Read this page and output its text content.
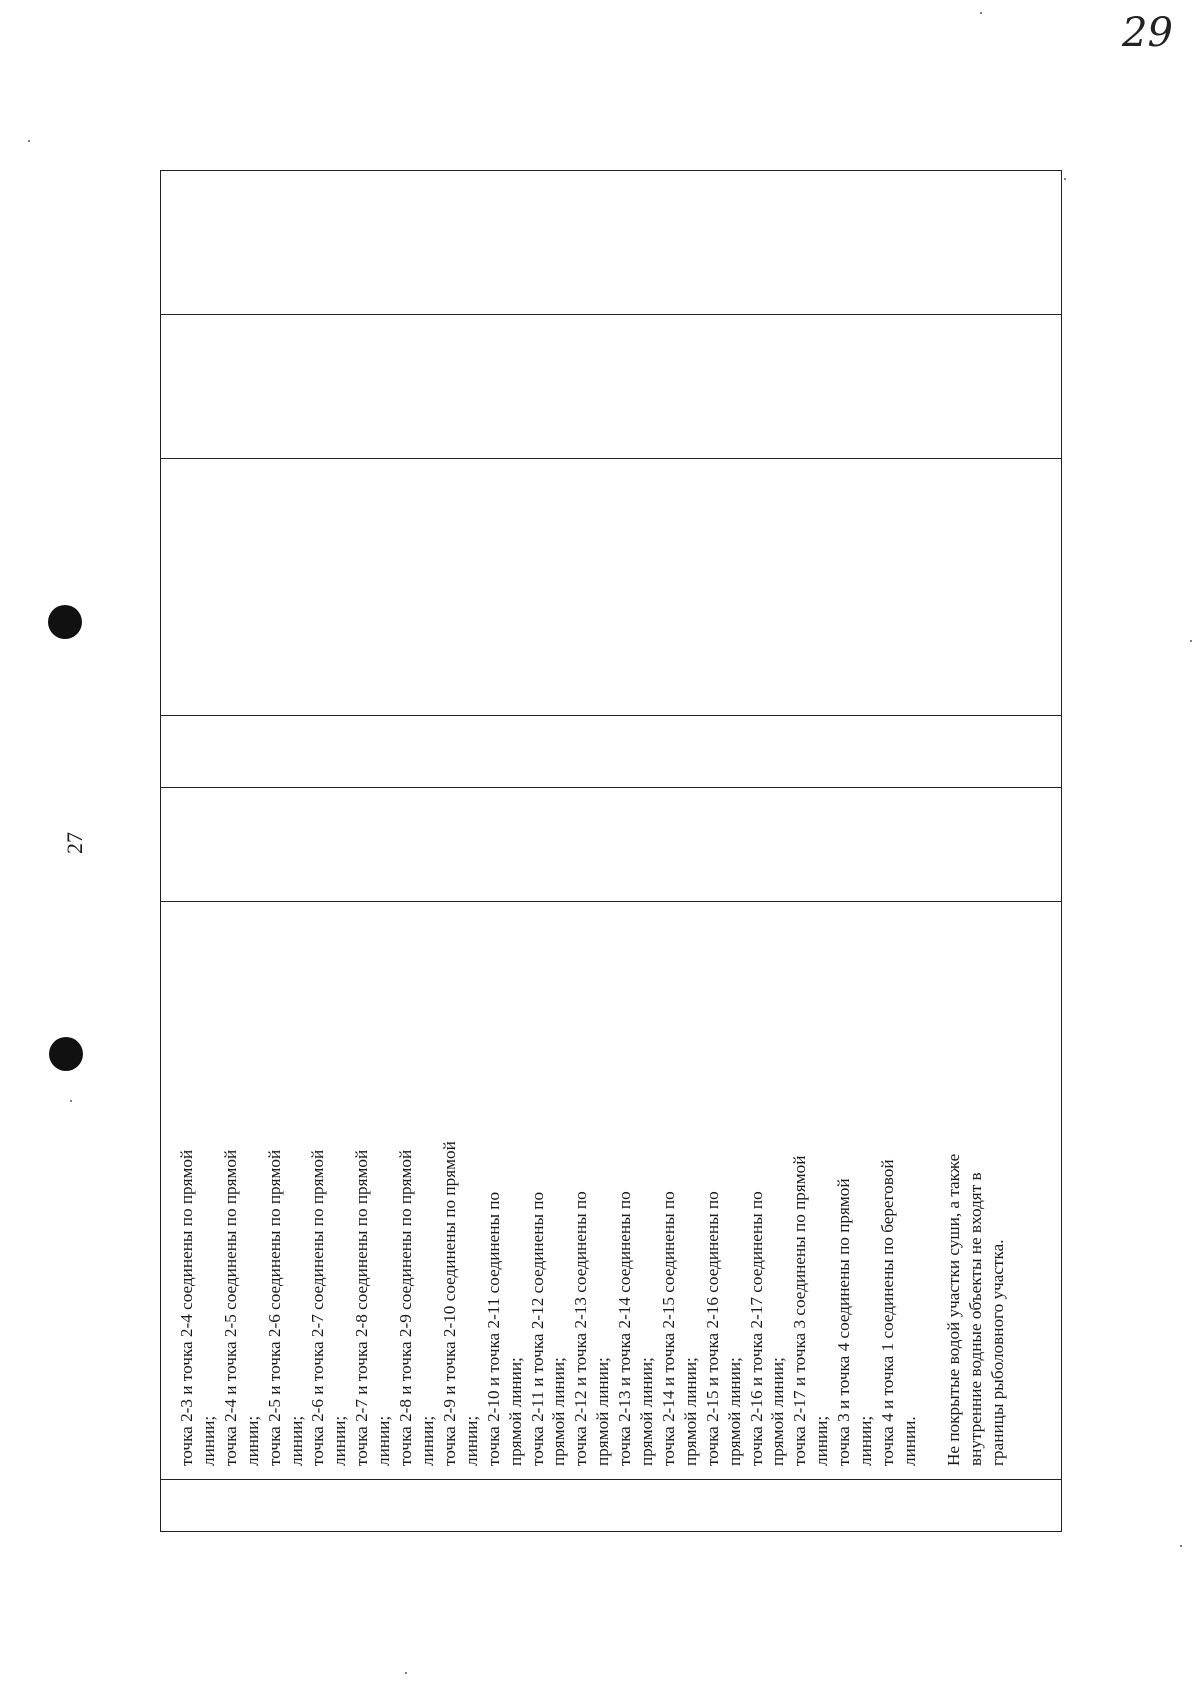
27
29
точка 2-3 и точка 2-4 соединены по прямой линии; точка 2-4 и точка 2-5 соединены по прямой линии; точка 2-5 и точка 2-6 соединены по прямой линии; точка 2-6 и точка 2-7 соединены по прямой линии; точка 2-7 и точка 2-8 соединены по прямой линии; точка 2-8 и точка 2-9 соединены по прямой линии; точка 2-9 и точка 2-10 соединены по прямой линии; точка 2-10 и точка 2-11 соединены по прямой линии; точка 2-11 и точка 2-12 соединены по прямой линии; точка 2-12 и точка 2-13 соединены по прямой линии; точка 2-13 и точка 2-14 соединены по прямой линии; точка 2-14 и точка 2-15 соединены по прямой линии; точка 2-15 и точка 2-16 соединены по прямой линии; точка 2-16 и точка 2-17 соединены по прямой линии; точка 2-17 и точка 3 соединены по прямой линии; точка 3 и точка 4 соединены по прямой линии; точка 4 и точка 1 соединены по береговой линии. Не покрытые водой участки суши, а также внутренние водные объекты не входят в границы рыболовного участка.
